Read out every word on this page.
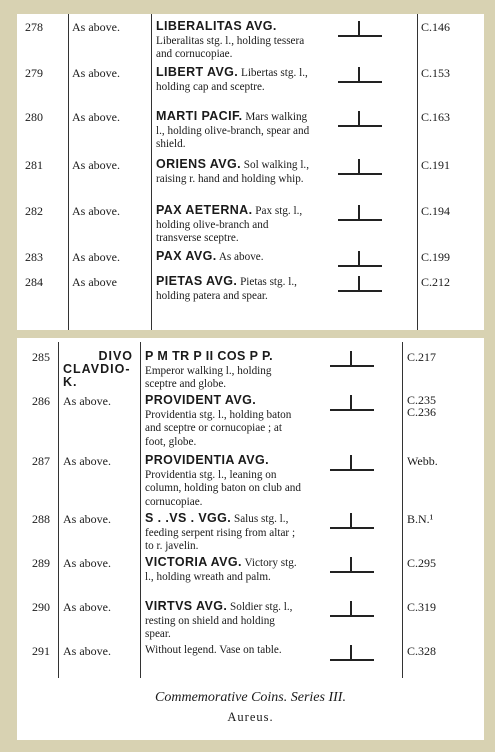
278	As above.	LIBERALITAS AVG.
Liberalitas stg. l., holding tessera and cornucopiae.
C.146
279	As above.	LIBERT AVG. Libertas stg. l., holding cap and sceptre.
C.153
280	As above.	MARTI PACIF. Mars walking l., holding olive-branch, spear and shield.
C.163
281	As above.	ORIENS AVG. Sol walking l., raising r. hand and holding whip.
C.191
282	As above.	PAX AETERNA. Pax stg. l., holding olive-branch and transverse sceptre.
C.194
283	As above.	PAX AVG. As above.	C.199
284	As above	PIETAS AVG. Pietas stg. l., holding patera and spear.
C.212
285	DIVO
CLAVDIO-K.
P M TR P II COS P P. Emperor walking l., holding sceptre and globe.
C.217
286	As above.	PROVIDENT AVG. Providentia stg. l., holding baton and sceptre or cornucopiae ; at foot, globe.
C.235
C.236
287	As above.	PROVIDENTIA AVG.
Providentia stg. l., leaning on column, holding baton on club and cornucopiae.
Webb.
288	As above.	S . .VS . VGG. Salus stg. l., feeding serpent rising from altar ; to r. javelin.
B.N.¹
289	As above.	VICTORIA AVG. Victory stg. l., holding wreath and palm.
C.295
290	As above.	VIRTVS AVG. Soldier stg. l., resting on shield and holding spear.
C.319
291	As above.	Without legend. Vase on table.	C.328
Commemorative Coins. Series III.
Aureus.
